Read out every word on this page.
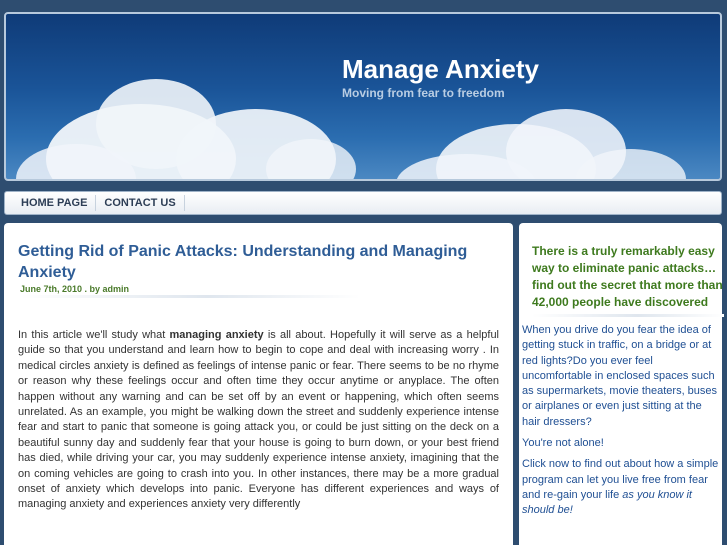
Manage Anxiety
Moving from fear to freedom
HOME PAGE	CONTACT US
Getting Rid of Panic Attacks: Understanding and Managing Anxiety
June 7th, 2010 . by admin

In this article we'll study what managing anxiety is all about. Hopefully it will serve as a helpful guide so that you understand and learn how to begin to cope and deal with increasing worry . In medical circles anxiety is defined as feelings of intense panic or fear. There seems to be no rhyme or reason why these feelings occur and often time they occur anytime or anyplace. The often happen without any warning and can be set off by an event or happening, which often seems unrelated. As an example, you might be walking down the street and suddenly experience intense fear and start to panic that someone is going attack you, or could be just sitting on the deck on a beautiful sunny day and suddenly fear that your house is going to burn down, or your best friend has died, while driving your car, you may suddenly experience intense anxiety, imagining that the on coming vehicles are going to crash into you. In other instances, there may be a more gradual onset of anxiety which develops into panic. Everyone has different experiences and ways of managing anxiety and experiences anxiety very differently

There is a truly remarkably easy way to eliminate panic attacks… find out the secret that more than 42,000 people have discovered

When you drive do you fear the idea of getting stuck in traffic, on a bridge or at red lights?Do you ever feel uncomfortable in enclosed spaces such as supermarkets, movie theaters, buses or airplanes or even just sitting at the hair dressers?

You're not alone!

Click now to find out about how a simple program can let you live free from fear and re-gain your life as you know it should be!
